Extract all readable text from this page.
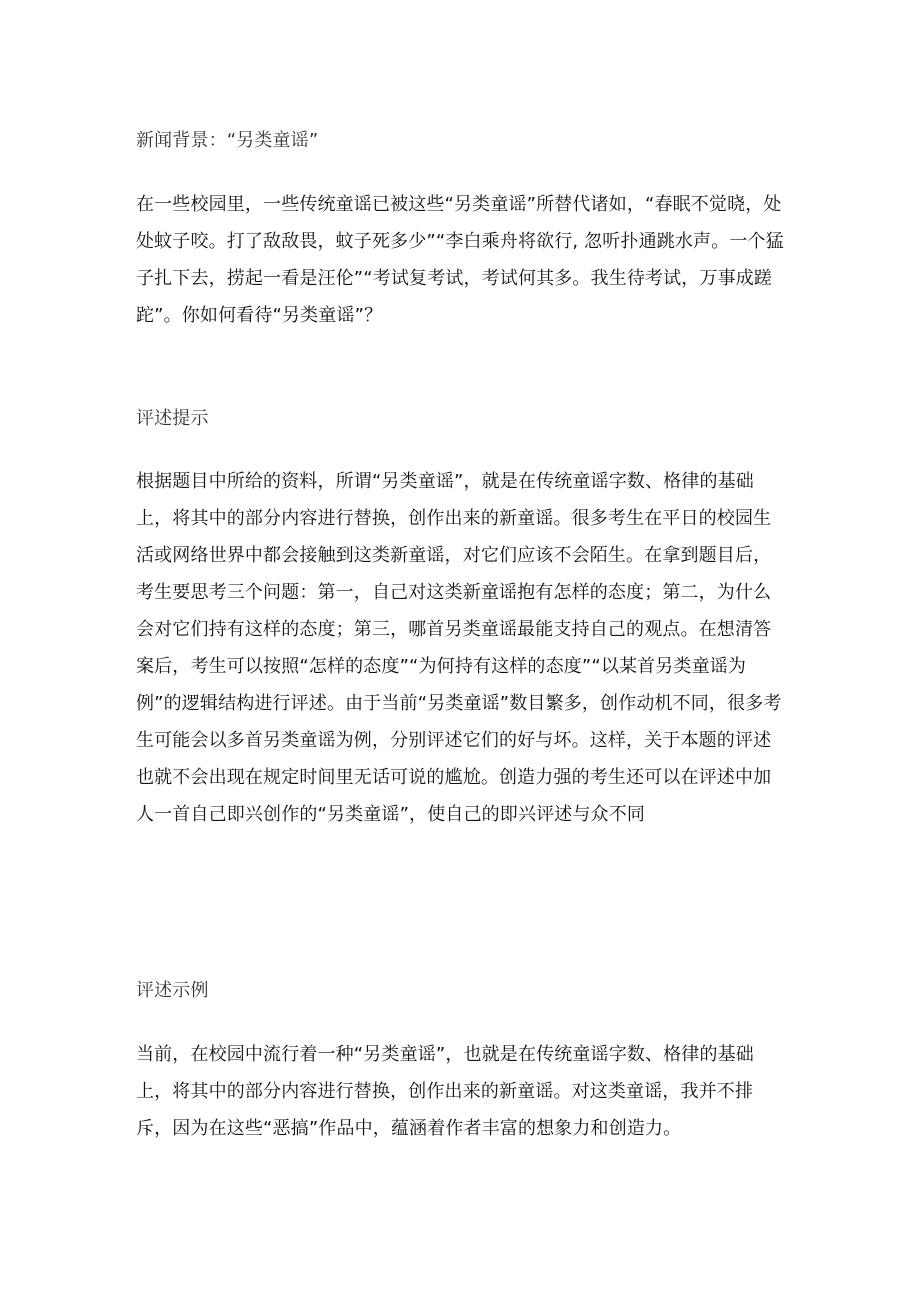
新闻背景：“另类童谣”
在一些校园里，一些传统童谣已被这些“另类童谣”所替代诸如，“春眠不觉晓，处处蚊子咬。打了敌敌畏，蚊子死多少”“李白乘舟将欲行, 忽听扑通跳水声。一个猛子扎下去，捞起一看是汪伦”“考试复考试，考试何其多。我生待考试，万事成蹉跎”。你如何看待“另类童谣”？
评述提示
根据题目中所给的资料，所谓“另类童谣”，就是在传统童谣字数、格律的基础上，将其中的部分内容进行替换，创作出来的新童谣。很多考生在平日的校园生活或网络世界中都会接触到这类新童谣，对它们应该不会陌生。在拿到题目后，考生要思考三个问题：第一，自己对这类新童谣抱有怎样的态度；第二，为什么会对它们持有这样的态度；第三，哪首另类童谣最能支持自己的观点。在想清答案后，考生可以按照“怎样的态度”“为何持有这样的态度”“以某首另类童谣为例”的逻辑结构进行评述。由于当前“另类童谣”数目繁多，创作动机不同，很多考生可能会以多首另类童谣为例，分别评述它们的好与坏。这样，关于本题的评述也就不会出现在规定时间里无话可说的尴尬。创造力强的考生还可以在评述中加人一首自己即兴创作的“另类童谣”，使自己的即兴评述与众不同
评述示例
当前，在校园中流行着一种“另类童谣”，也就是在传统童谣字数、格律的基础上，将其中的部分内容进行替换，创作出来的新童谣。对这类童谣，我并不排斥，因为在这些“恶搞”作品中，蕴涵着作者丰富的想象力和创造力。
